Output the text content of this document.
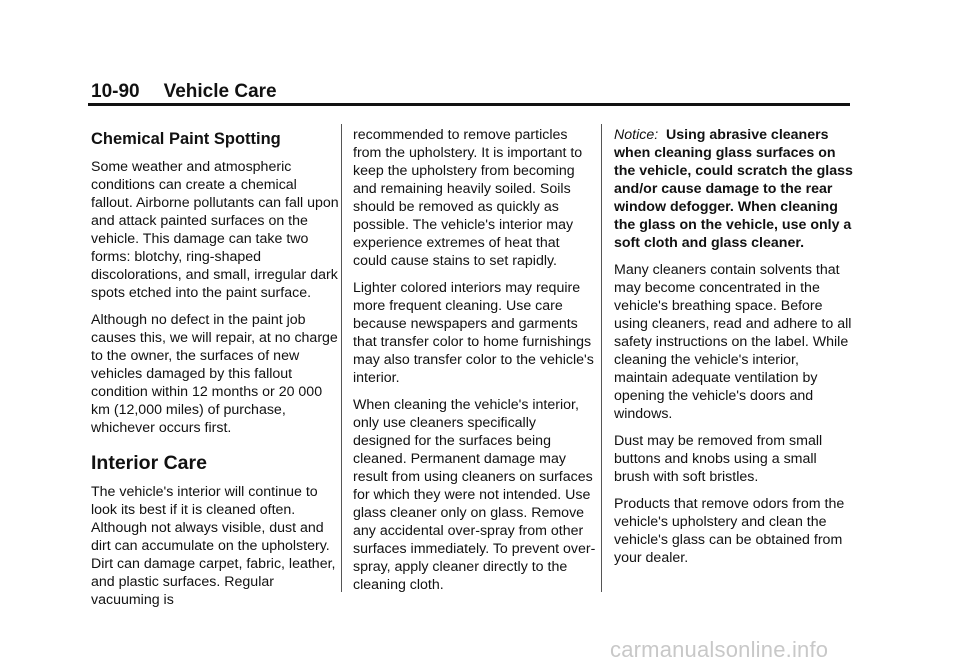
10-90 Vehicle Care
Chemical Paint Spotting

Some weather and atmospheric conditions can create a chemical fallout. Airborne pollutants can fall upon and attack painted surfaces on the vehicle. This damage can take two forms: blotchy, ring-shaped discolorations, and small, irregular dark spots etched into the paint surface.

Although no defect in the paint job causes this, we will repair, at no charge to the owner, the surfaces of new vehicles damaged by this fallout condition within 12 months or 20 000 km (12,000 miles) of purchase, whichever occurs first.

Interior Care

The vehicle's interior will continue to look its best if it is cleaned often. Although not always visible, dust and dirt can accumulate on the upholstery. Dirt can damage carpet, fabric, leather, and plastic surfaces. Regular vacuuming is

recommended to remove particles from the upholstery. It is important to keep the upholstery from becoming and remaining heavily soiled. Soils should be removed as quickly as possible. The vehicle's interior may experience extremes of heat that could cause stains to set rapidly.

Lighter colored interiors may require more frequent cleaning. Use care because newspapers and garments that transfer color to home furnishings may also transfer color to the vehicle's interior.

When cleaning the vehicle's interior, only use cleaners specifically designed for the surfaces being cleaned. Permanent damage may result from using cleaners on surfaces for which they were not intended. Use glass cleaner only on glass. Remove any accidental over-spray from other surfaces immediately. To prevent over-spray, apply cleaner directly to the cleaning cloth.

Notice: Using abrasive cleaners when cleaning glass surfaces on the vehicle, could scratch the glass and/or cause damage to the rear window defogger. When cleaning the glass on the vehicle, use only a soft cloth and glass cleaner.

Many cleaners contain solvents that may become concentrated in the vehicle's breathing space. Before using cleaners, read and adhere to all safety instructions on the label. While cleaning the vehicle's interior, maintain adequate ventilation by opening the vehicle's doors and windows.

Dust may be removed from small buttons and knobs using a small brush with soft bristles.

Products that remove odors from the vehicle's upholstery and clean the vehicle's glass can be obtained from your dealer.

carmanualsonline.info
